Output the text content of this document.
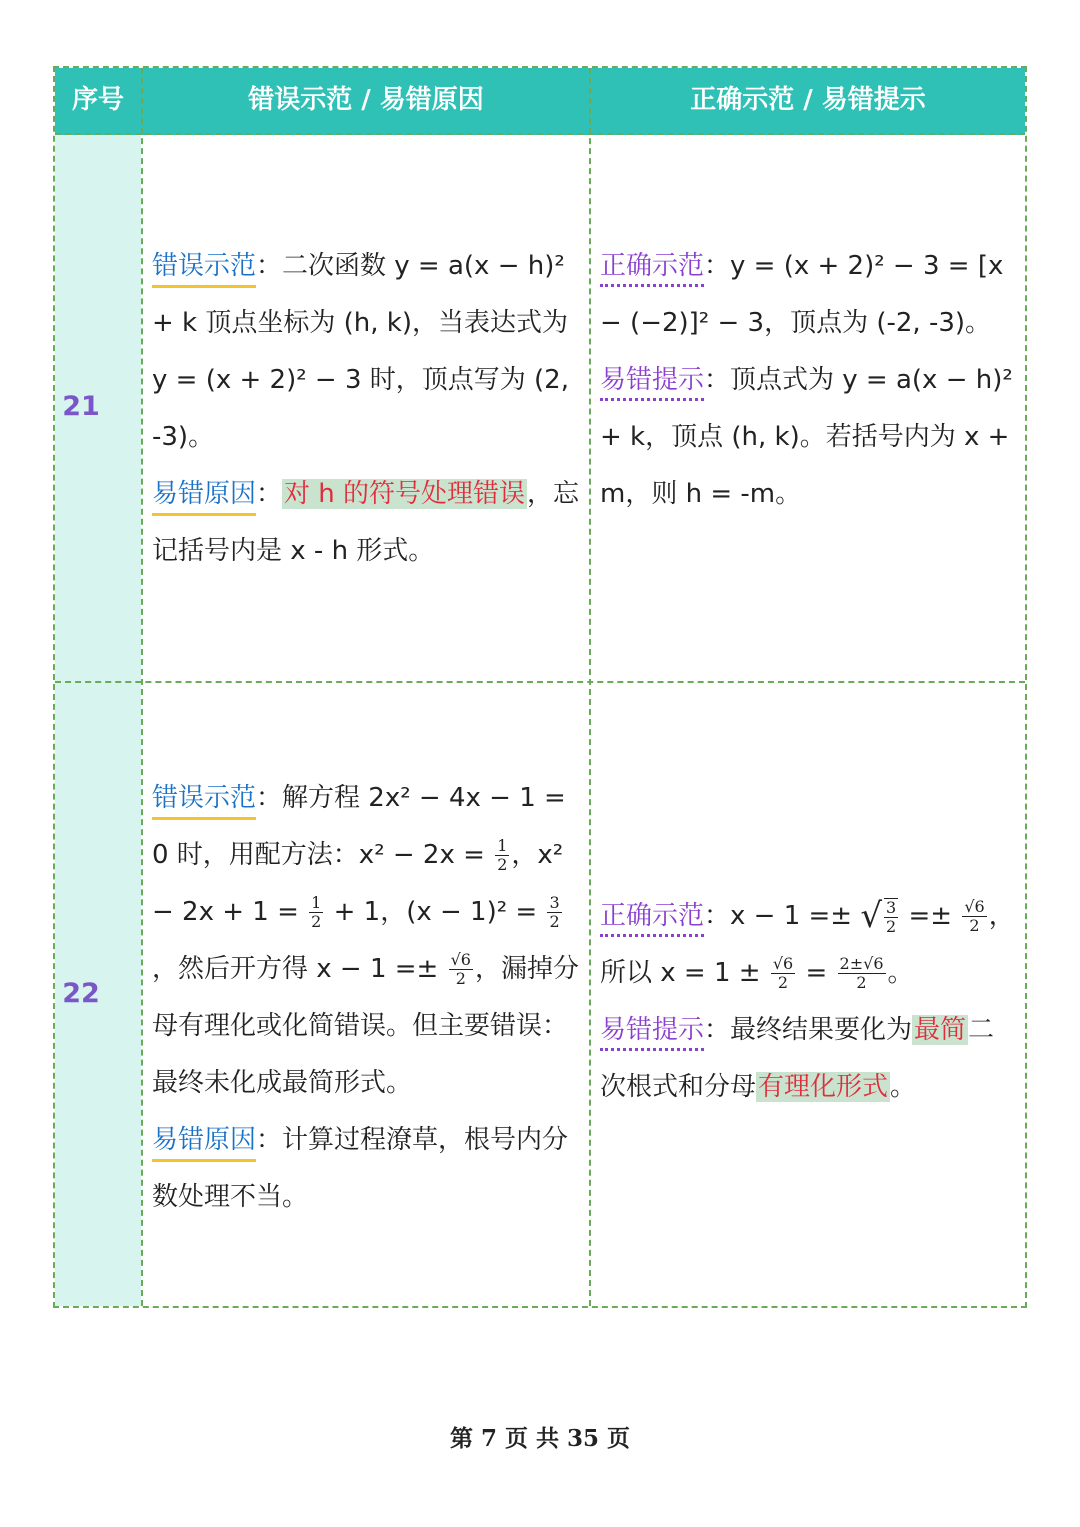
序号	错误示范 / 易错原因	正确示范 / 易错提示
21
错误示范：二次函数 y = a(x − h)² + k 顶点坐标为 (h, k)，当表达式为 y = (x + 2)² − 3 时，顶点写为 (2, -3)。
易错原因：对 h 的符号处理错误，忘记括号内是 x - h 形式。
正确示范：y = (x + 2)² − 3 = [x − (−2)]² − 3，顶点为 (-2, -3)。
易错提示：顶点式为 y = a(x − h)² + k，顶点 (h, k)。若括号内为 x + m，则 h = -m。
22
错误示范：解方程 2x² − 4x − 1 = 0 时，用配方法：$x^2 - 2x = \frac{1}{2}$ ，$x^2 - 2x + 1 = \frac{1}{2} + 1$，$(x - 1)^2 = \frac{3}{2}$
，然后开方得 $x - 1 =\pm \frac{√6}{2}$ ，漏掉分母有理化或化简错误。但主要错误：最终未化成最简形式。
易错原因：计算过程潦草，根号内分数处理不当。
正确示范：x − 1 =± √ $\frac{3}{2} =\pm \frac{√6}{2}$ ，所以 $x = 1 \pm \frac{√6}{2} = \frac{2\pm√6}{2}$ 。
易错提示：最终结果要化为最简二次根式和分母有理化形式。
第 7 页 共 35 页
